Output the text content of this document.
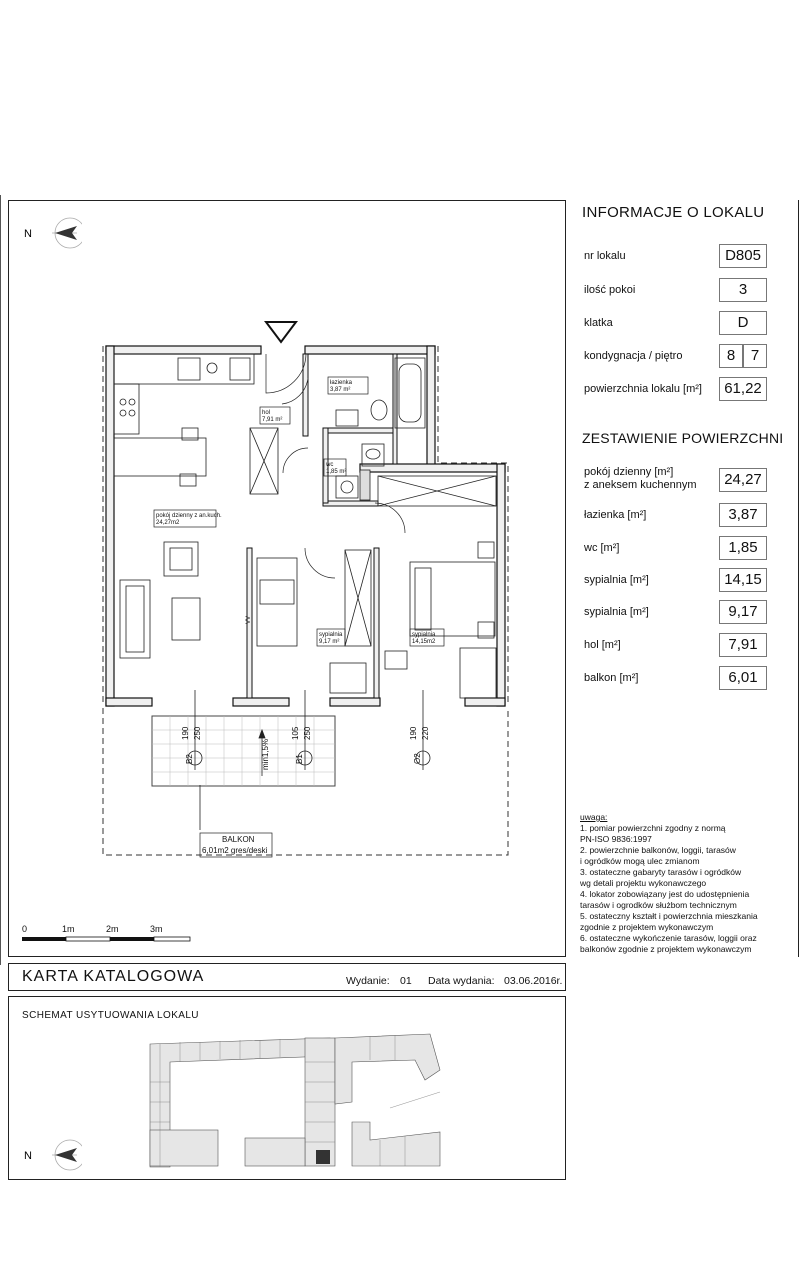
INFORMACJE O LOKALU
nr lokalu	D805
ilość pokoi	3
klatka	D
kondygnacja / piętro	8	7
powierzchnia lokalu [m²]	61,22
ZESTAWIENIE POWIERZCHNI
pokój dzienny [m²]
z aneksem kuchennym	24,27
łazienka [m²]	3,87
wc [m²]	1,85
sypialnia [m²]	14,15
sypialnia [m²]	9,17
hol [m²]	7,91
balkon [m²]	6,01
uwaga:
1. pomiar powierzchni zgodny z normą
PN-ISO 9836:1997
2. powierzchnie balkonów, loggii, tarasów
i ogródków mogą ulec zmianom
3. ostateczne gabaryty tarasów i ogródków
wg detali projektu wykonawczego
4. lokator zobowiązany jest do udostępnienia
tarasów i ogrodków służbom technicznym
5. ostateczny kształt i powierzchnia mieszkania
zgodnie z projektem wykonawczym
6. ostateczne wykończenie tarasów, loggii oraz
balkonów zgodnie z projektem wykonawczym
N
pokój dzienny z an.kuch.
24,27m2
hol
7,91 m²
łazienka
3,87 m²
wc
1,85 m²
sypialnia
9,17 m²
sypialnia
14,15m2
B2
190 250
B1
105 250
O2
190 220
min1,5%
VV
BALKON
6,01m2 gres/deski
0	1m	2m	3m
KARTA KATALOGOWA	Wydanie: 01 Data wydania: 03.06.2016r.
SCHEMAT USYTUOWANIA LOKALU
N
